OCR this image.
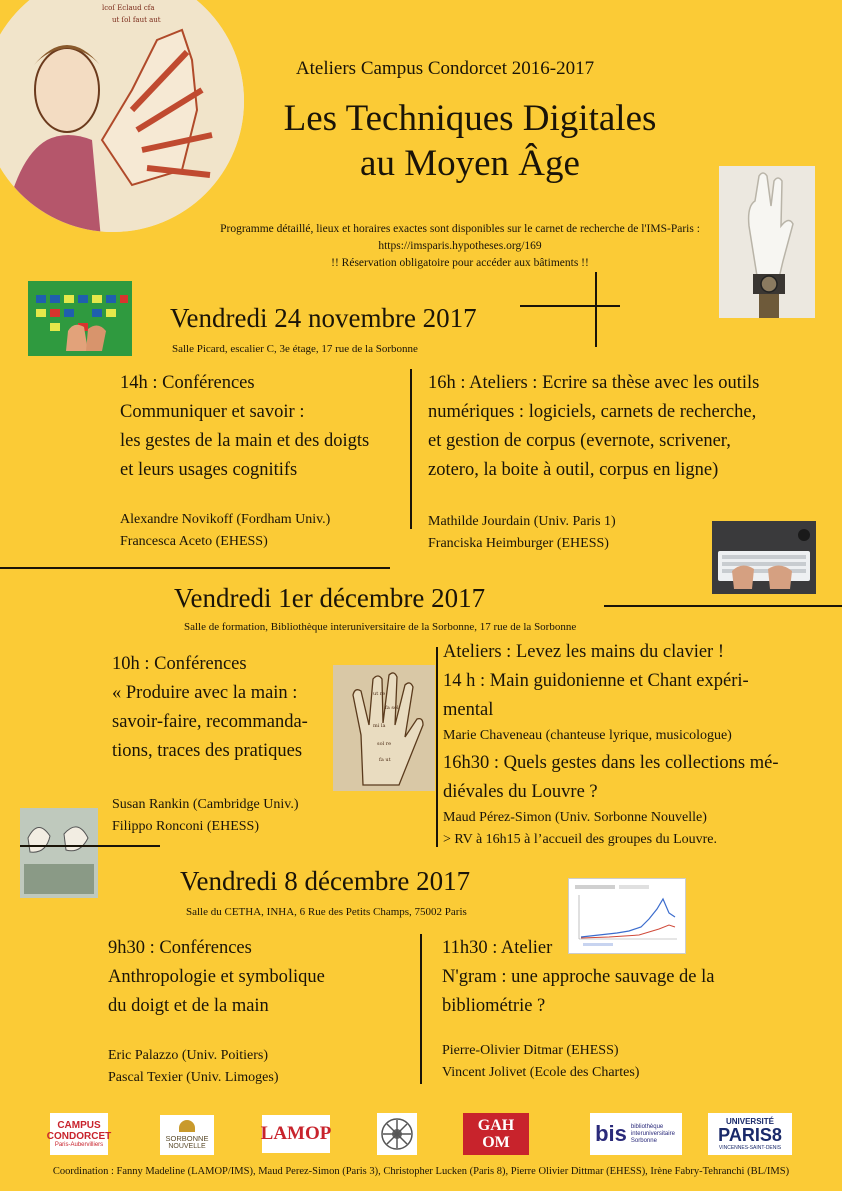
lcoſ Eclaud cfa
ut ſol faut aut
Ateliers Campus Condorcet 2016-2017
Les Techniques Digitales
au Moyen Âge
Programme détaillé, lieux et horaires exactes sont disponibles sur le carnet de recherche de l'IMS-Paris :
https://imsparis.hypotheses.org/169
!! Réservation obligatoire pour accéder aux bâtiments !!
Vendredi 24 novembre 2017
Salle Picard, escalier C, 3e étage, 17 rue de la Sorbonne
14h : Conférences
Communiquer et savoir :
les gestes de la main et des doigts
et leurs usages cognitifs
Alexandre Novikoff (Fordham Univ.)
Francesca Aceto (EHESS)
16h : Ateliers : Ecrire sa thèse avec les outils
numériques : logiciels, carnets de recherche,
et gestion de corpus (evernote, scrivener,
zotero, la boite à outil, corpus en ligne)
Mathilde Jourdain (Univ. Paris 1)
Franciska Heimburger (EHESS)
Vendredi 1er décembre 2017
Salle de formation, Bibliothèque interuniversitaire de la Sorbonne, 17 rue de la Sorbonne
10h : Conférences
« Produire avec la main :
savoir-faire, recommanda-
tions, traces des pratiques
Susan Rankin (Cambridge Univ.)
Filippo Ronconi (EHESS)
ut re
fa sol
mi la
sol re
fa ut
Ateliers : Levez les mains du clavier !
14 h : Main guidonienne et Chant expéri-
mental
Marie Chaveneau (chanteuse lyrique, musicologue)
16h30 : Quels gestes dans les collections mé-
diévales du Louvre ?
Maud Pérez-Simon (Univ. Sorbonne Nouvelle)
> RV à 16h15 à l’accueil des groupes du Louvre.
Vendredi 8 décembre 2017
Salle du CETHA, INHA, 6 Rue des Petits Champs, 75002 Paris
9h30 : Conférences
Anthropologie et symbolique
du doigt et de la main
Eric Palazzo (Univ. Poitiers)
Pascal Texier (Univ. Limoges)
11h30 : Atelier
N'gram : une approche sauvage de la
bibliométrie ?
Pierre-Olivier Ditmar (EHESS)
Vincent Jolivet (Ecole des Chartes)
CAMPUS
CONDORCET
Paris-Aubervilliers
SORBONNE
NOUVELLE
LAMOP	GAH
OM	bis bibliothèque interuniversitaire Sorbonne
UNIVERSITÉ
PARIS8
VINCENNES-SAINT-DENIS
Coordination : Fanny Madeline (LAMOP/IMS), Maud Perez-Simon (Paris 3), Christopher Lucken (Paris 8), Pierre Olivier Dittmar (EHESS), Irène Fabry-Tehranchi (BL/IMS)
